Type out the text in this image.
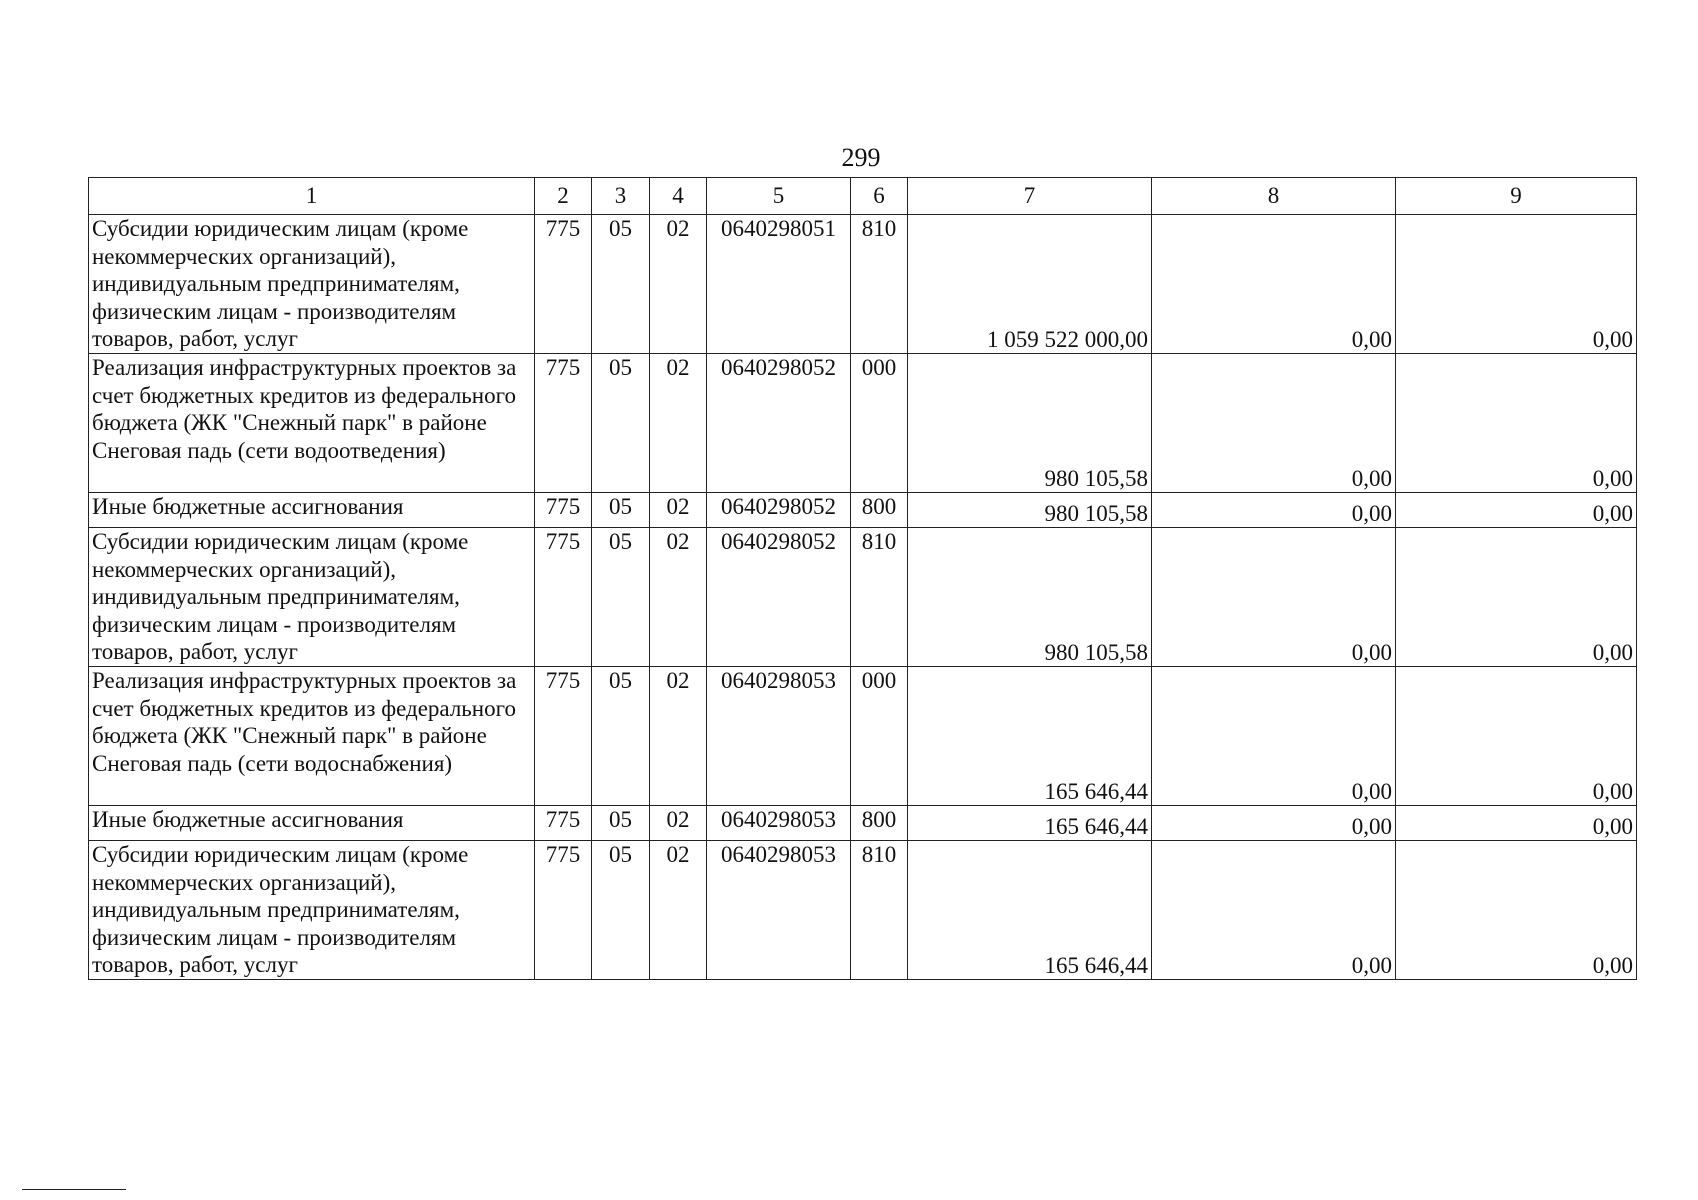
299
1	2	3	4	5	6	7	8	9
Субсидии юридическим лицам (кроме некоммерческих организаций), индивидуальным предпринимателям, физическим лицам - производителям товаров, работ, услуг	775	05	02	0640298051	810	1 059 522 000,00	0,00	0,00
Реализация инфраструктурных проектов за счет бюджетных кредитов из федерального бюджета (ЖК "Снежный парк" в районе Снеговая падь (сети водоотведения)	775	05	02	0640298052	000	980 105,58	0,00	0,00
Иные бюджетные ассигнования	775	05	02	0640298052	800	980 105,58	0,00	0,00
Субсидии юридическим лицам (кроме некоммерческих организаций), индивидуальным предпринимателям, физическим лицам - производителям товаров, работ, услуг	775	05	02	0640298052	810	980 105,58	0,00	0,00
Реализация инфраструктурных проектов за счет бюджетных кредитов из федерального бюджета (ЖК "Снежный парк" в районе Снеговая падь (сети водоснабжения)	775	05	02	0640298053	000	165 646,44	0,00	0,00
Иные бюджетные ассигнования	775	05	02	0640298053	800	165 646,44	0,00	0,00
Субсидии юридическим лицам (кроме некоммерческих организаций), индивидуальным предпринимателям, физическим лицам - производителям товаров, работ, услуг	775	05	02	0640298053	810	165 646,44	0,00	0,00
